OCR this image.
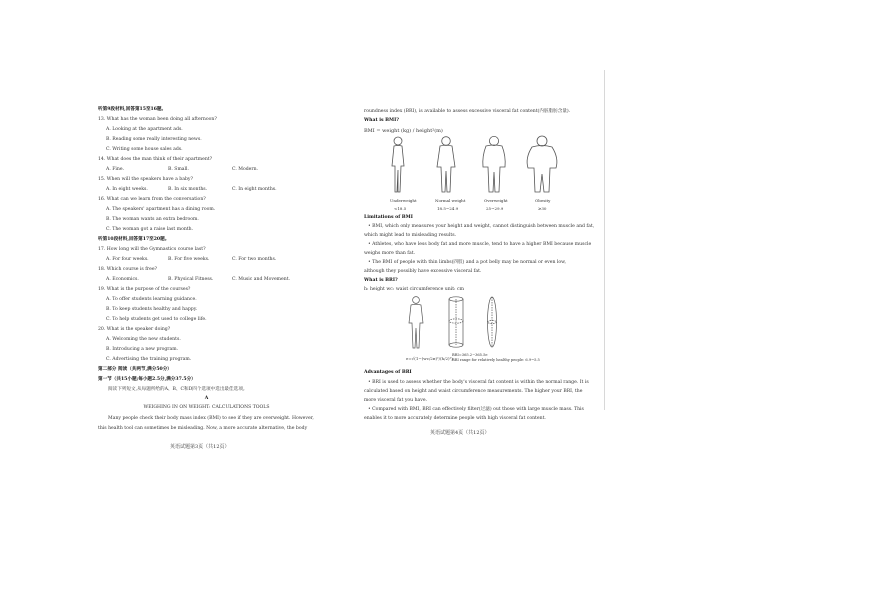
听第9段材料,回答第15至16题。
13. What has the woman been doing all afternoon?
A. Looking at the apartment ads.
B. Reading some really interesting news.
C. Writing some house sales ads.
14. What does the man think of their apartment?
A. Fine.	B. Small.	C. Modern.
15. When will the speakers have a baby?
A. In eight weeks.	B. In six months.	C. In eight months.
16. What can we learn from the conversation?
A. The speakers' apartment has a dining room.
B. The woman wants an extra bedroom.
C. The woman got a raise last month.
听第10段材料,回答第17至20题。
17. How long will the Gymnastics course last?
A. For four weeks.	B. For five weeks.	C. For two months.
18. Which course is free?
A. Economics.	B. Physical Fitness.	C. Music and Movement.
19. What is the purpose of the courses?
A. To offer students learning guidance.
B. To keep students healthy and happy.
C. To help students get used to college life.
20. What is the speaker doing?
A. Welcoming the new students.
B. Introducing a new program.
C. Advertising the training program.
第二部分 阅读（共两节,满分50分）
第一节（共15小题;每小题2.5分,满分37.5分）
阅读下列短文,从每题所给的A、B、C和D四个选项中选出最佳选项。
A
WEIGHING IN ON WEIGHT: CALCULATIONS TOOLS
Many people check their body mass index (BMI) to see if they are overweight. However,
this health tool can sometimes be misleading. Now, a more accurate alternative, the body
英语试题第3页（共12页）
roundness index (BRI), is available to assess excessive visceral fat content(内脏脂肪含量).
What is BMI?
BMI = weight (kg) / height²(m)
Underweight	Normal weight	Overweight	Obesity
<18.5	18.5~24.9	25~29.9	≥30
Limitations of BMI
• BMI, which only measures your height and weight, cannot distinguish between muscle and fat,
which might lead to misleading results.
• Athletes, who have less body fat and more muscle, tend to have a higher BMI because muscle
weighs more than fat.
• The BMI of people with thin limbs(四肢) and a pot belly may be normal or even low,
although they possibly have excessive visceral fat.
What is BRI?
h: height wc: waist circumference unit: cm
e=√(1−(wc/2π)²/(h/2)²)
BRI=365.2−365.5e
BRI range for relatively healthy people: 6.9~5.5
Advantages of BRI
• BRI is used to assess whether the body's visceral fat content is within the normal range. It is
calculated based on height and waist circumference measurements. The higher your BRI, the
more visceral fat you have.
• Compared with BMI, BRI can effectively filter(过滤) out those with large muscle mass. This
enables it to more accurately determine people with high visceral fat content.
英语试题第4页（共12页）
